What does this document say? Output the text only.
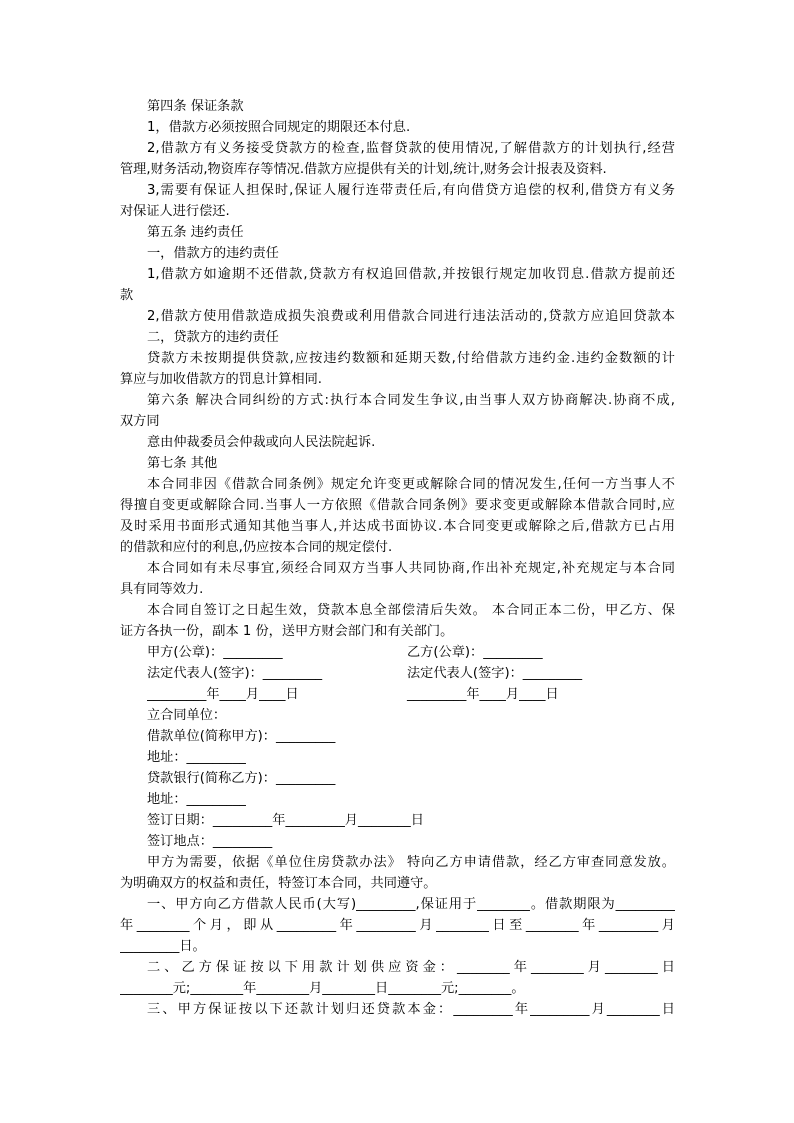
第四条 保证条款
1，借款方必须按照合同规定的期限还本付息.
2,借款方有义务接受贷款方的检查,监督贷款的使用情况,了解借款方的计划执行,经营
管理,财务活动,物资库存等情况.借款方应提供有关的计划,统计,财务会计报表及资料.
3,需要有保证人担保时,保证人履行连带责任后,有向借贷方追偿的权利,借贷方有义务
对保证人进行偿还.
第五条 违约责任
一，借款方的违约责任
1,借款方如逾期不还借款,贷款方有权追回借款,并按银行规定加收罚息.借款方提前还
款
2,借款方使用借款造成损失浪费或利用借款合同进行违法活动的,贷款方应追回贷款本
二，贷款方的违约责任
贷款方未按期提供贷款,应按违约数额和延期天数,付给借款方违约金.违约金数额的计
算应与加收借款方的罚息计算相同.
第六条 解决合同纠纷的方式:执行本合同发生争议,由当事人双方协商解决.协商不成,
双方同
意由仲裁委员会仲裁或向人民法院起诉.
第七条 其他
本合同非因《借款合同条例》规定允许变更或解除合同的情况发生,任何一方当事人不
得擅自变更或解除合同.当事人一方依照《借款合同条例》要求变更或解除本借款合同时,应
及时采用书面形式通知其他当事人,并达成书面协议.本合同变更或解除之后,借款方已占用
的借款和应付的利息,仍应按本合同的规定偿付.
本合同如有未尽事宜,须经合同双方当事人共同协商,作出补充规定,补充规定与本合同
具有同等效力.
本合同自签订之日起生效，贷款本息全部偿清后失效。 本合同正本二份，甲乙方、保
证方各执一份，副本 1 份，送甲方财会部门和有关部门。
甲方(公章)：_________	乙方(公章)：_________
法定代表人(签字)：_________	法定代表人(签字)：_________
_________年____月____日	_________年____月____日
立合同单位：
借款单位(简称甲方)：_________
地址：_________
贷款银行(简称乙方)：_________
地址：_________
签订日期：_________年_________月________日
签订地点：_________
甲方为需要，依据《单位住房贷款办法》 特向乙方申请借款，经乙方审查同意发放。
为明确双方的权益和责任，特签订本合同，共同遵守。
一、甲方向乙方借款人民币(大写)_________,保证用于________。借款期限为_________
年________个月，即从_________年_________月________日至________年_________月
_________日。
二、乙方保证按以下用款计划供应资金：________年________月________日
________元;________年________月________日________元;________。
三、甲方保证按以下还款计划归还贷款本金：_________年_________月________日
